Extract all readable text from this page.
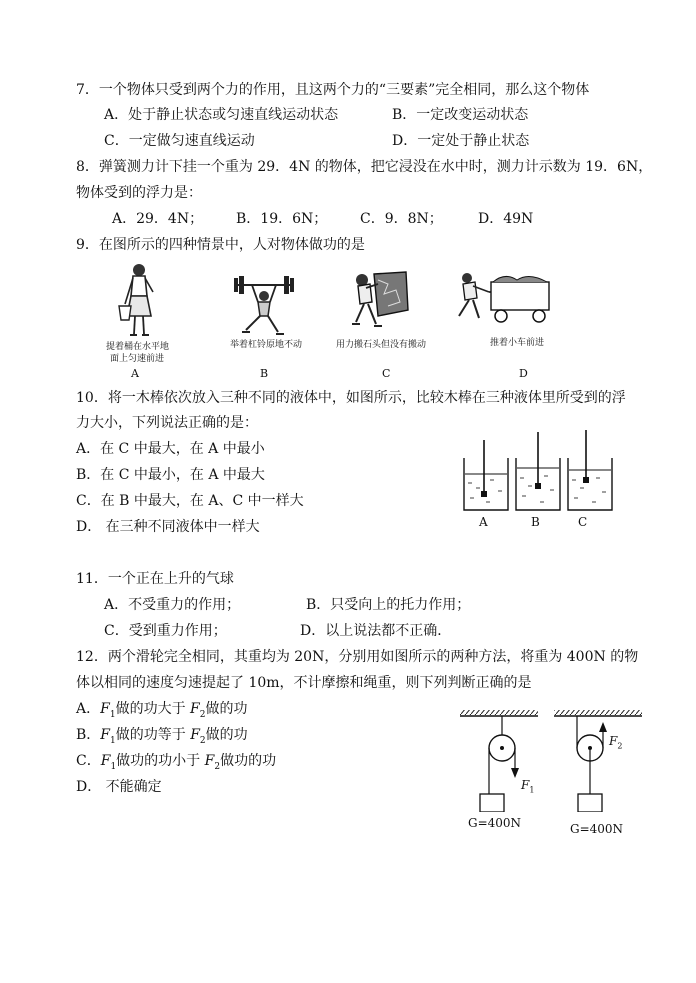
7．一个物体只受到两个力的作用，且这两个力的“三要素”完全相同，那么这个物体
A．处于静止状态或匀速直线运动状态	B．一定改变运动状态
C．一定做匀速直线运动	D．一定处于静止状态
8．弹簧测力计下挂一个重为 29．4N 的物体，把它浸没在水中时，测力计示数为 19．6N，
物体受到的浮力是：
A．29．4N； B．19．6N； C．9．8N；	D．49N
9．在图所示的四种情景中，人对物体做功的是
提着桶在水平地
面上匀速前进
A
举着杠铃原地不动
B
用力搬石头但没有搬动
C
推着小车前进
D
10．将一木棒依次放入三种不同的液体中，如图所示，比较木棒在三种液体里所受到的浮
力大小，下列说法正确的是：
A．在 C 中最大，在 A 中最小
B．在 C 中最小，在 A 中最大
C．在 B 中最大，在 A、C 中一样大
D． 在三种不同液体中一样大	A	B	C
11．一个正在上升的气球
A．不受重力的作用；	B．只受向上的托力作用；
C．受到重力作用；	D．以上说法都不正确．
12．两个滑轮完全相同，其重均为 20N，分别用如图所示的两种方法，将重为 400N 的物
体以相同的速度匀速提起了 10m，不计摩擦和绳重，则下列判断正确的是
A．$F_1$做的功大于 $F_2$做的功
B．$F_1$做的功等于 $F_2$做的功
C．$F_1$做功的功小于 $F_2$做功的功
D． 不能确定	$F_1$
$F_2$
G=400N	G=400N
